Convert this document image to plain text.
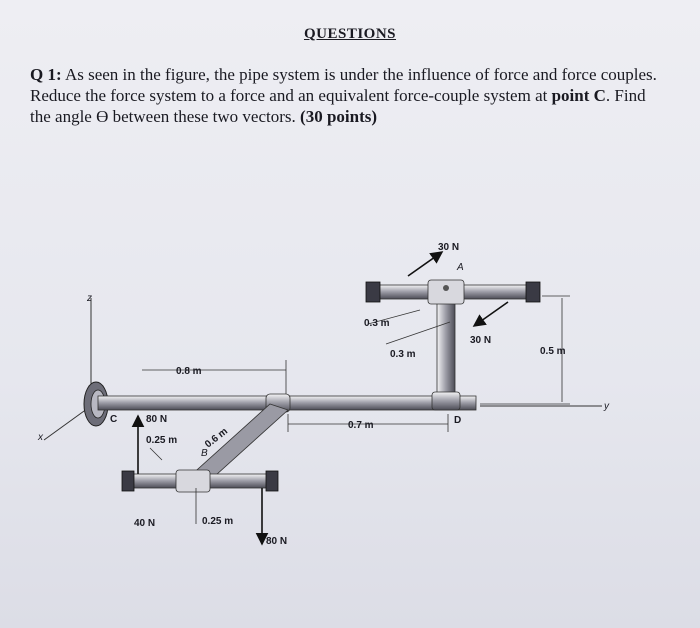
QUESTIONS
Q 1: As seen in the figure, the pipe system is under the influence of force and force couples. Reduce the force system to a force and an equivalent force-couple system at point C. Find the angle ϴ between these two vectors. (30 points)
z
x
y
C	D
A
B
30 N
30 N
80 N
40 N
80 N
0.3 m
0.3 m	0.5 m
0.8 m
0.7 m
0.25 m	0.6 m
0.25 m
